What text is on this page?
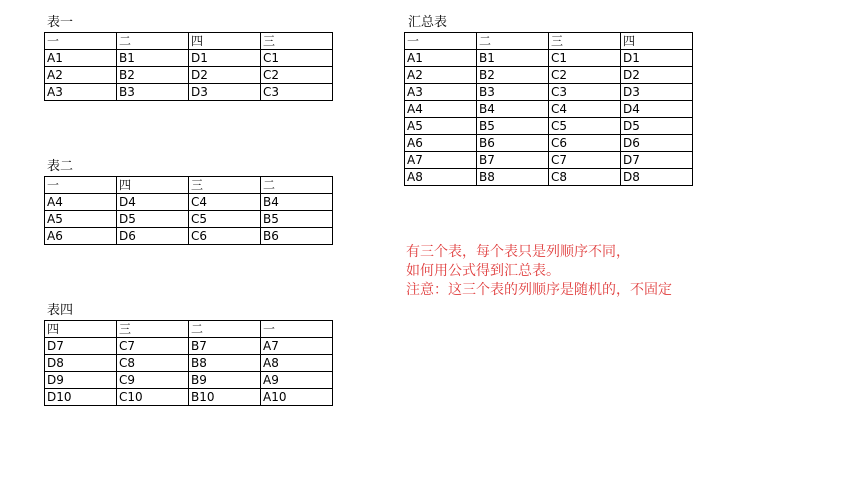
表一
一	二	四	三
A1	B1	D1	C1
A2	B2	D2	C2
A3	B3	D3	C3
表二
一	四	三	二
A4	D4	C4	B4
A5	D5	C5	B5
A6	D6	C6	B6
表四
四	三	二	一
D7	C7	B7	A7
D8	C8	B8	A8
D9	C9	B9	A9
D10	C10	B10	A10
汇总表
一	二	三	四
A1	B1	C1	D1
A2	B2	C2	D2
A3	B3	C3	D3
A4	B4	C4	D4
A5	B5	C5	D5
A6	B6	C6	D6
A7	B7	C7	D7
A8	B8	C8	D8
有三个表，每个表只是列顺序不同，
如何用公式得到汇总表。
注意：这三个表的列顺序是随机的，不固定
